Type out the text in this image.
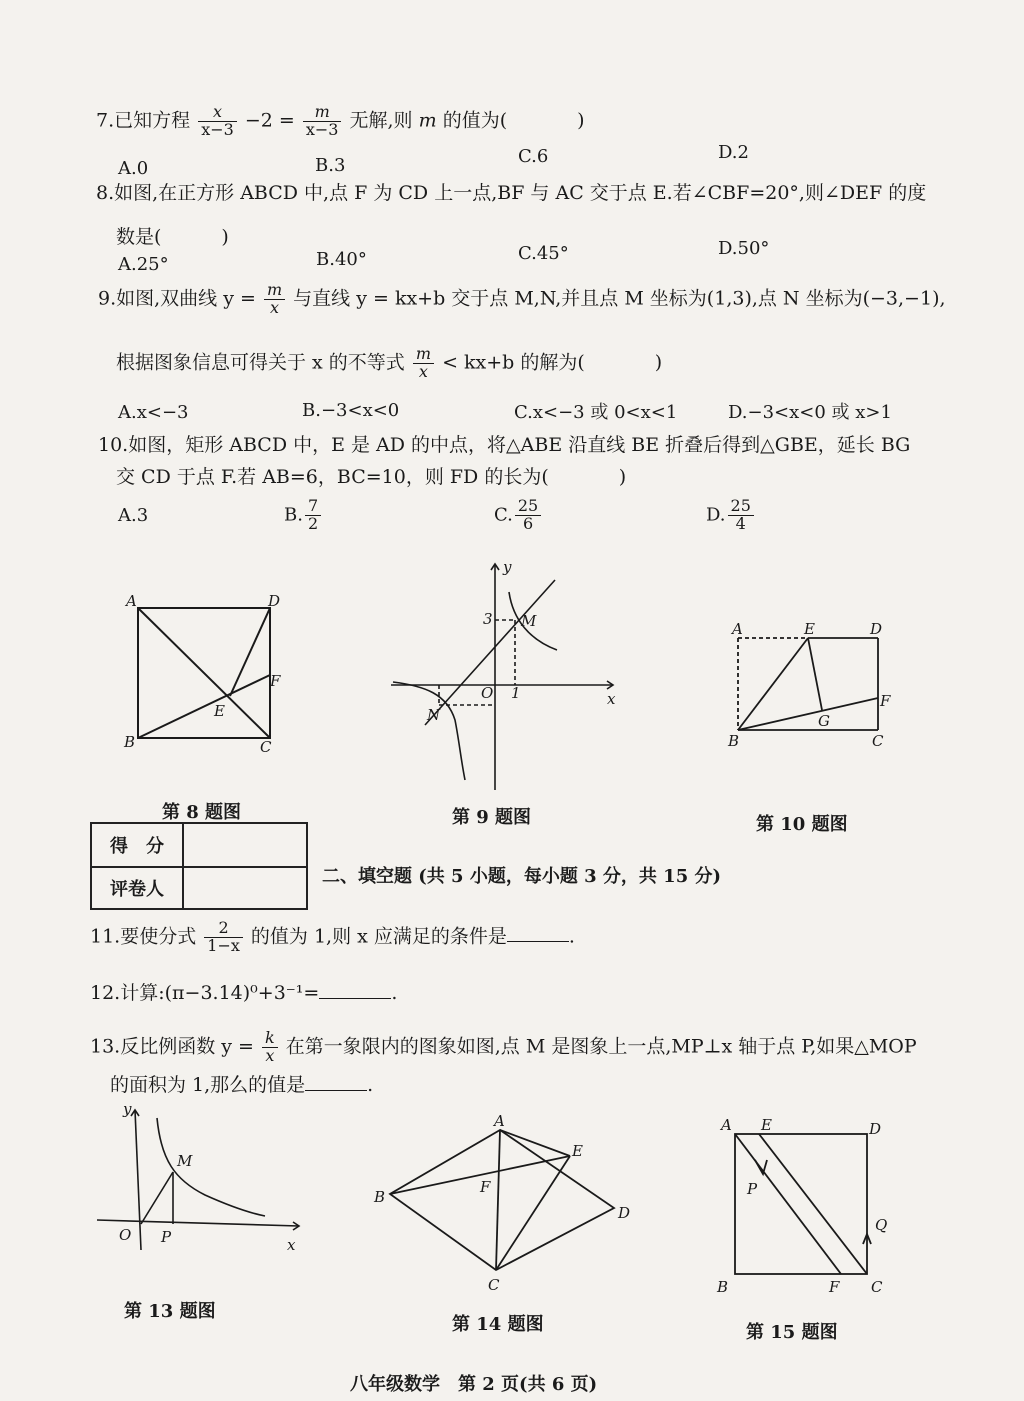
7.已知方程 $\frac{x}{x-3} -2 = \frac{m}{x-3}$ 无解,则 m 的值为(	)
A.0	B.3	C.6	D.2
8.如图,在正方形 ABCD 中,点 F 为 CD 上一点,BF 与 AC 交于点 E.若∠CBF=20°,则∠DEF 的度
数是(	)
A.25°	B.40°	C.45°	D.50°
9.如图,双曲线 $y = \frac{m}{x}$ 与直线 y = kx+b 交于点 M,N,并且点 M 坐标为(1,3),点 N 坐标为(−3,−1),
根据图象信息可得关于 x 的不等式 $\frac{m}{x} < kx+b$ 的解为(	)
A.x<−3	B.−3<x<0	C.x<−3 或 0<x<1	D.−3<x<0 或 x>1
10.如图，矩形 ABCD 中，E 是 AD 的中点，将△ABE 沿直线 BE 折叠后得到△GBE，延长 BG
交 CD 于点 F.若 AB=6，BC=10，则 FD 的长为(	)
A.3	B. $\frac{7}{2}$	C. $\frac{25}{6}$	D. $\frac{25}{4}$
A	D
B	C
E
F
第 8 题图
y
x
O 1
3 M
N
第 9 题图
A	E	D
F
G
B	C
第 10 题图
得　分	
评卷人	
二、填空题 (共 5 小题，每小题 3 分，共 15 分)
11.要使分式 $\frac{2}{1-x}$ 的值为 1,则 x 应满足的条件是	.
12.计算:(π−3.14)⁰+3⁻¹=	.
13.反比例函数 $y = \frac{k}{x}$ 在第一象限内的图象如图,点 M 是图象上一点,MP⊥x 轴于点 P,如果△MOP
的面积为 1,那么的值是	.
y
x
O P
M
第 13 题图
A
E
B
F
D
C
第 14 题图
A E	D
P
Q
B	F C
第 15 题图
八年级数学　第 2 页(共 6 页)
